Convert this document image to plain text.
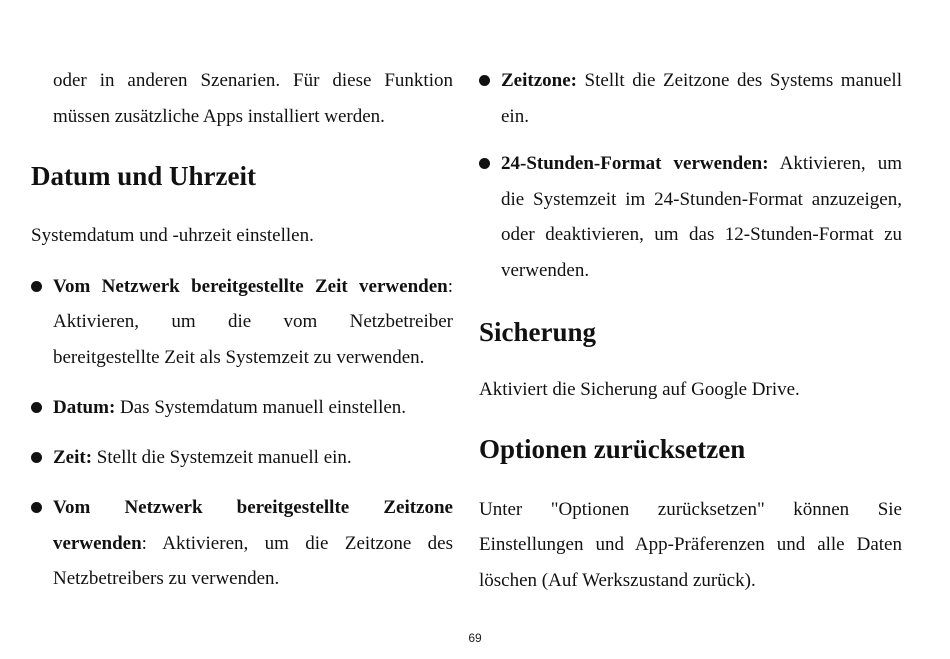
oder in anderen Szenarien. Für diese Funktion müssen zusätzliche Apps installiert werden.

Datum und Uhrzeit

Systemdatum und -uhrzeit einstellen.

Vom Netzwerk bereitgestellte Zeit verwenden: Aktivieren, um die vom Netzbetreiber bereitgestellte Zeit als Systemzeit zu verwenden.
Datum: Das Systemdatum manuell einstellen.
Zeit: Stellt die Systemzeit manuell ein.
Vom Netzwerk bereitgestellte Zeitzone verwenden: Aktivieren, um die Zeitzone des Netzbetreibers zu verwenden.
Zeitzone: Stellt die Zeitzone des Systems manuell ein.
24-Stunden-Format verwenden: Aktivieren, um die Systemzeit im 24-Stunden-Format anzuzeigen, oder deaktivieren, um das 12-Stunden-Format zu verwenden.
Sicherung

Aktiviert die Sicherung auf Google Drive.

Optionen zurücksetzen

Unter "Optionen zurücksetzen" können Sie Einstellungen und App-Präferenzen und alle Daten löschen (Auf Werkszustand zurück).

69
